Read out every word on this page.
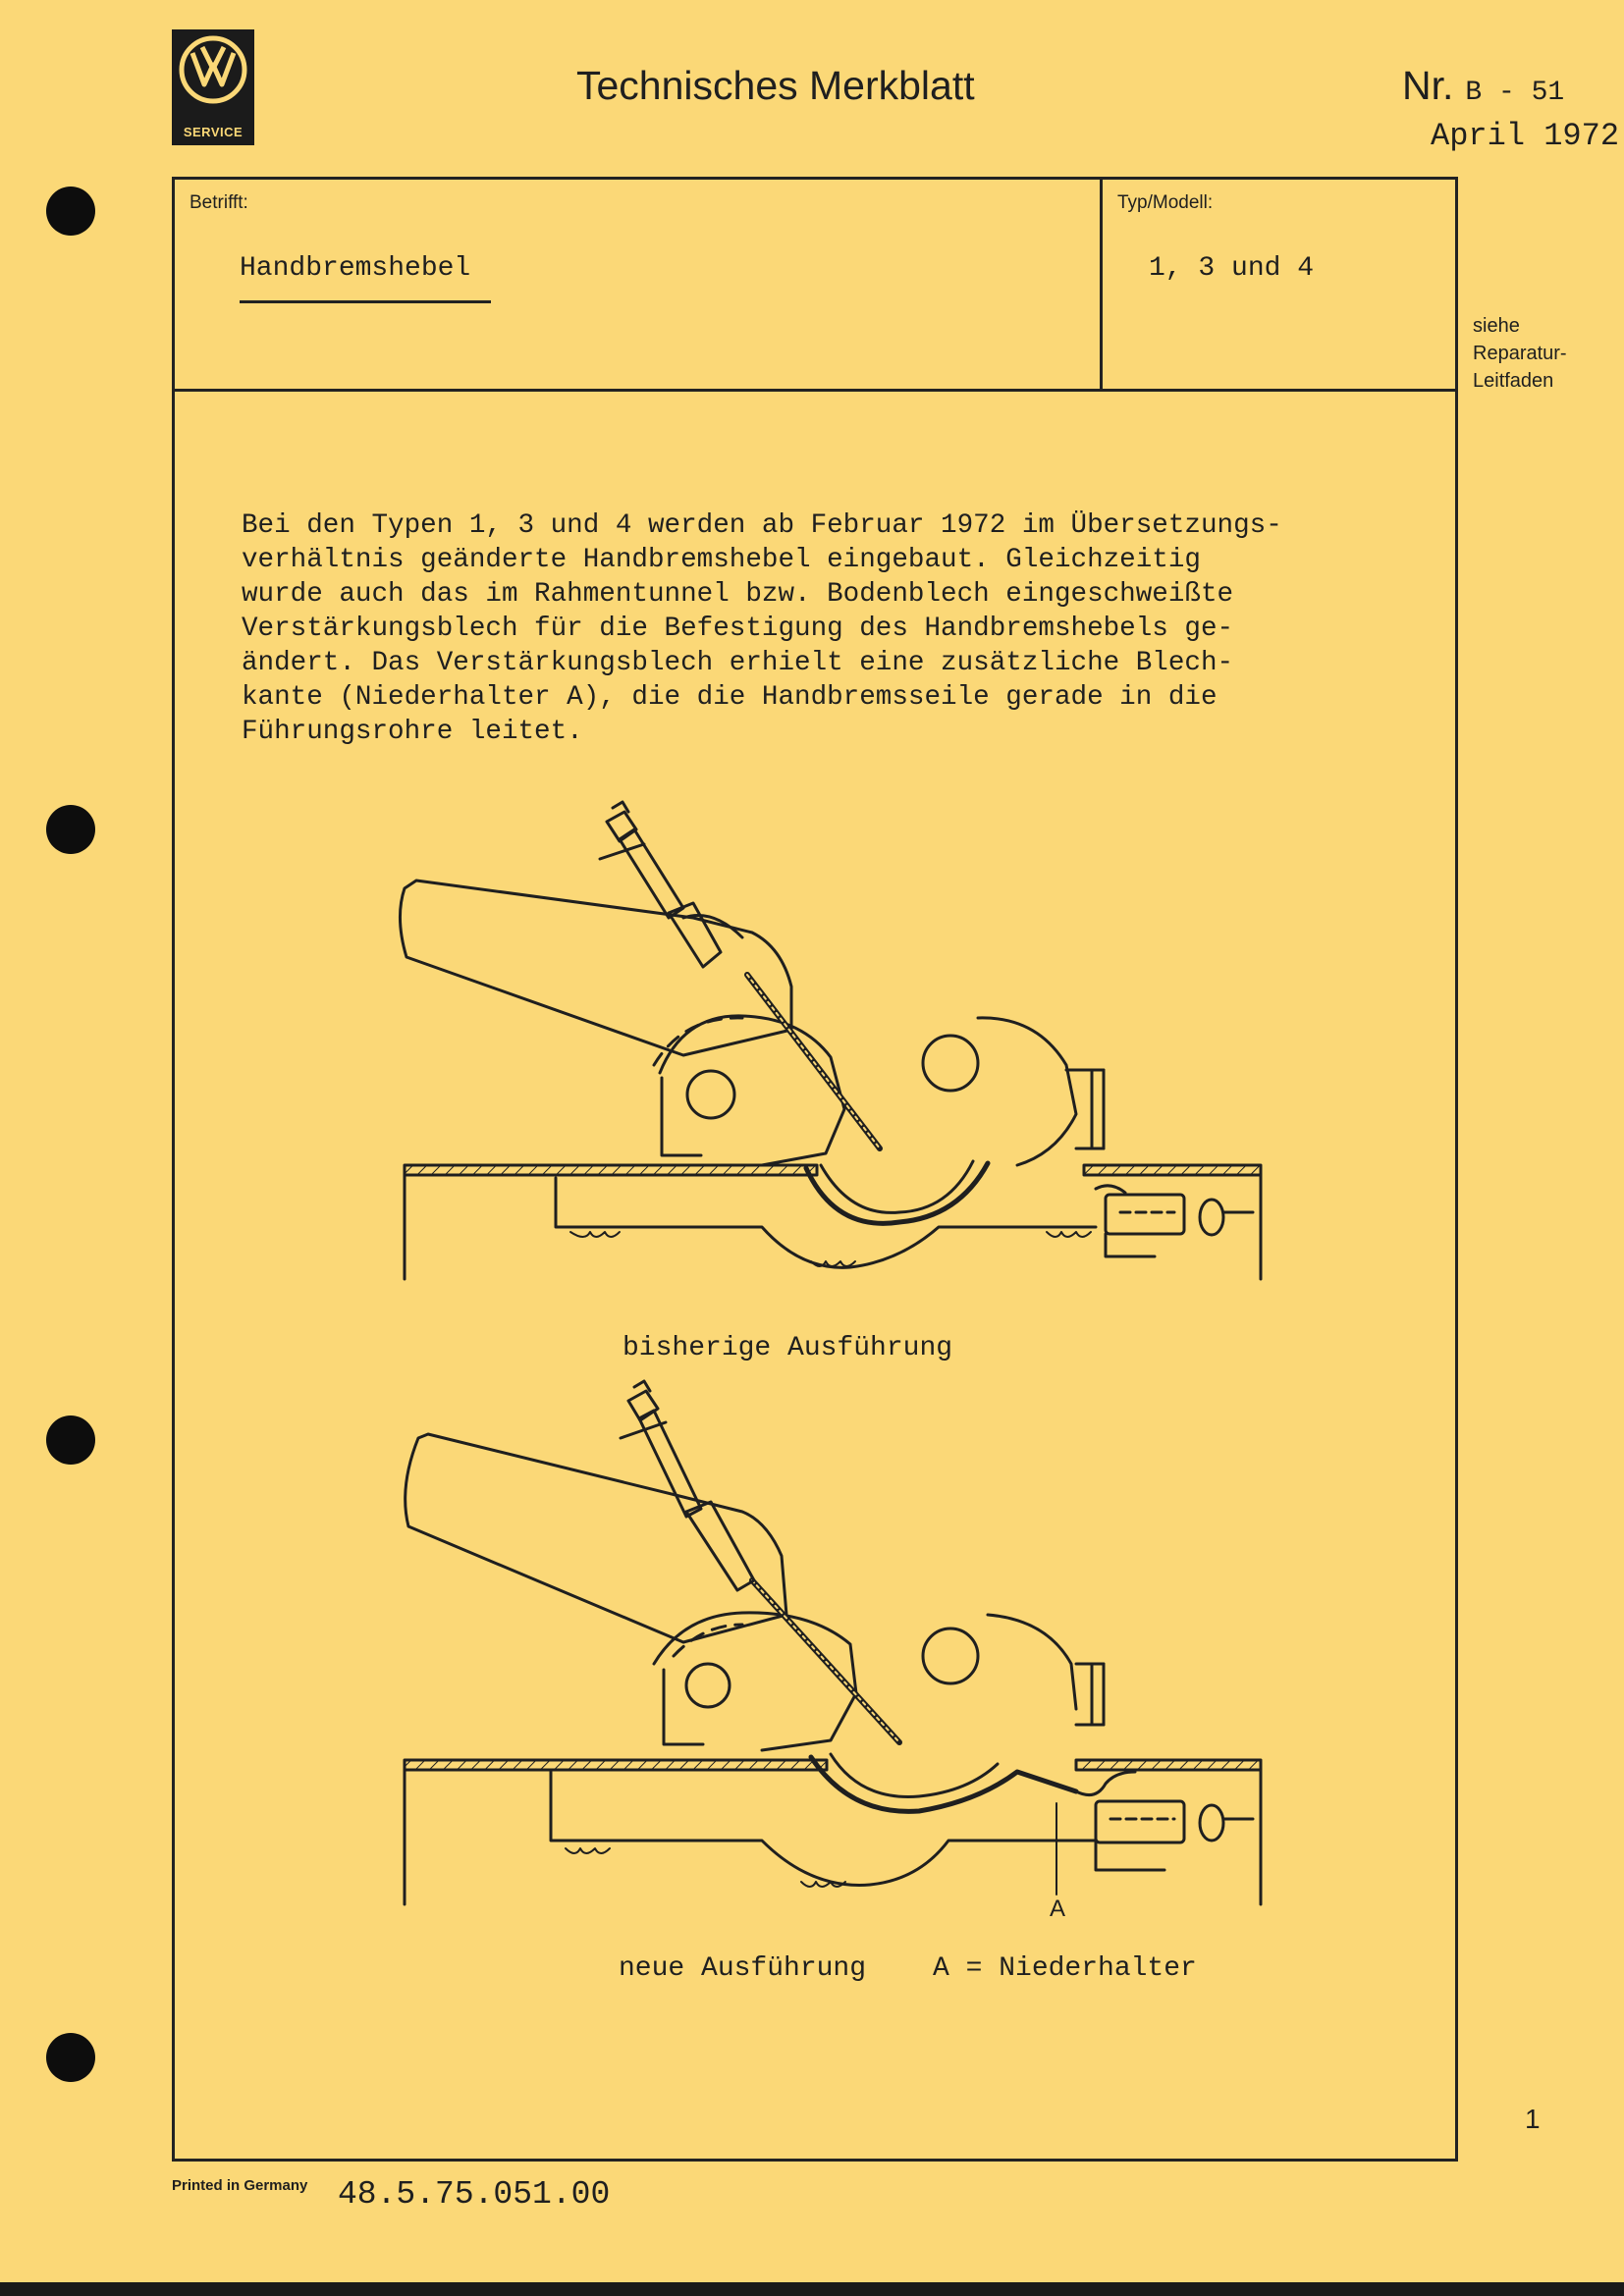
SERVICE
Technisches Merkblatt	Nr. B - 51
April 1972
Betrifft:	Typ/Modell:
Handbremshebel	1, 3 und 4
siehe
Reparatur-
Leitfaden
Bei den Typen 1, 3 und 4 werden ab Februar 1972 im Übersetzungs-
verhältnis geänderte Handbremshebel eingebaut. Gleichzeitig
wurde auch das im Rahmentunnel bzw. Bodenblech eingeschweißte
Verstärkungsblech für die Befestigung des Handbremshebels ge-
ändert. Das Verstärkungsblech erhielt eine zusätzliche Blech-
kante (Niederhalter A), die die Handbremsseile gerade in die
Führungsrohre leitet.
bisherige Ausführung
A
neue Ausführung A = Niederhalter
1
Printed in Germany 48.5.75.051.00
